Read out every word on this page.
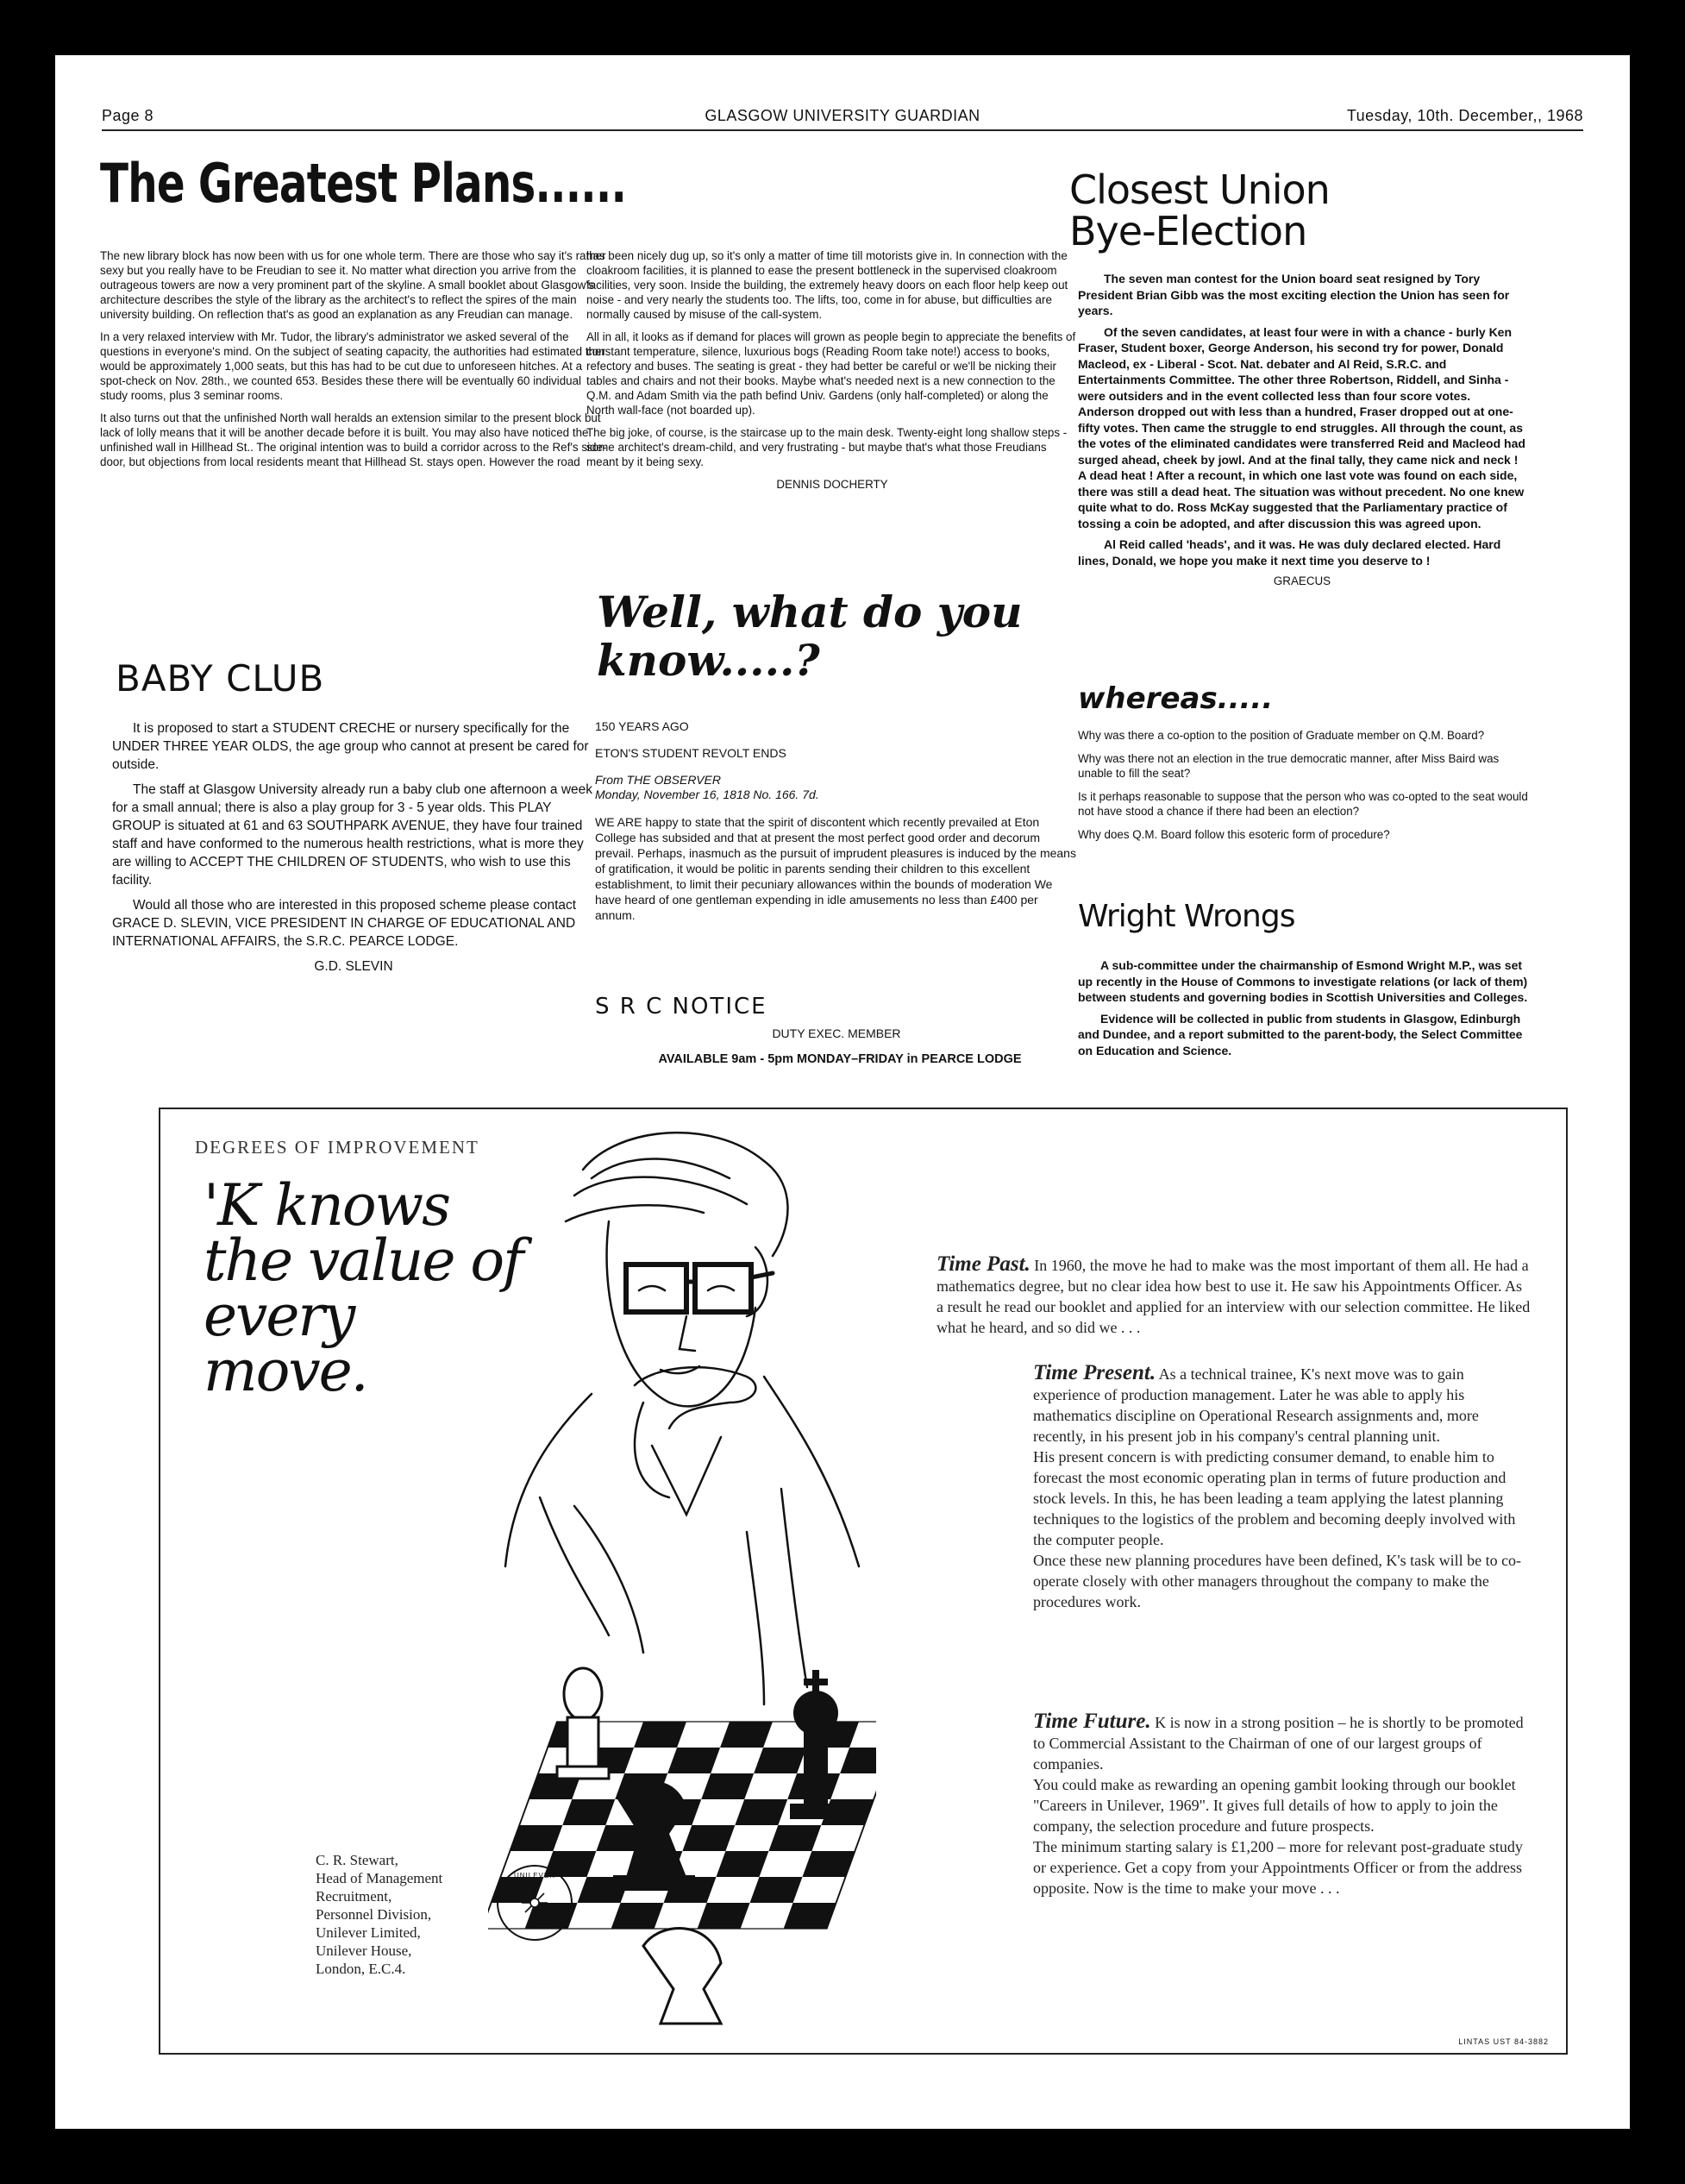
Page 8	GLASGOW UNIVERSITY GUARDIAN	Tuesday, 10th. December,, 1968
The Greatest Plans......

The new library block has now been with us for one whole term. There are those who say it's rather sexy but you really have to be Freudian to see it. No matter what direction you arrive from the outrageous towers are now a very prominent part of the skyline. A small booklet about Glasgow's architecture describes the style of the library as the architect's to reflect the spires of the main university building. On reflection that's as good an explanation as any Freudian can manage.

In a very relaxed interview with Mr. Tudor, the library's administrator we asked several of the questions in everyone's mind. On the subject of seating capacity, the authorities had estimated ther would be approximately 1,000 seats, but this has had to be cut due to unforeseen hitches. At a spot-check on Nov. 28th., we counted 653. Besides these there will be eventually 60 individual study rooms, plus 3 seminar rooms.

It also turns out that the unfinished North wall heralds an extension similar to the present block but lack of lolly means that it will be another decade before it is built. You may also have noticed the unfinished wall in Hillhead St.. The original intention was to build a corridor across to the Ref's side-door, but objections from local residents meant that Hillhead St. stays open. However the road

has been nicely dug up, so it's only a matter of time till motorists give in. In connection with the cloakroom facilities, it is planned to ease the present bottleneck in the supervised cloakroom facilities, very soon. Inside the building, the extremely heavy doors on each floor help keep out noise - and very nearly the students too. The lifts, too, come in for abuse, but difficulties are normally caused by misuse of the call-system.

All in all, it looks as if demand for places will grown as people begin to appreciate the benefits of constant temperature, silence, luxurious bogs (Reading Room take note!) access to books, refectory and buses. The seating is great - they had better be careful or we'll be nicking their tables and chairs and not their books. Maybe what's needed next is a new connection to the Q.M. and Adam Smith via the path befind Univ. Gardens (only half-completed) or along the North wall-face (not boarded up).

The big joke, of course, is the staircase up to the main desk. Twenty-eight long shallow steps - some architect's dream-child, and very frustrating - but maybe that's what those Freudians meant by it being sexy.

DENNIS DOCHERTY

Closest Union Bye-Election

The seven man contest for the Union board seat resigned by Tory President Brian Gibb was the most exciting election the Union has seen for years.

Of the seven candidates, at least four were in with a chance - burly Ken Fraser, Student boxer, George Anderson, his second try for power, Donald Macleod, ex - Liberal - Scot. Nat. debater and Al Reid, S.R.C. and Entertainments Committee. The other three Robertson, Riddell, and Sinha - were outsiders and in the event collected less than four score votes. Anderson dropped out with less than a hundred, Fraser dropped out at one-fifty votes. Then came the struggle to end struggles. All through the count, as the votes of the eliminated candidates were transferred Reid and Macleod had surged ahead, cheek by jowl. And at the final tally, they came nick and neck ! A dead heat ! After a recount, in which one last vote was found on each side, there was still a dead heat. The situation was without precedent. No one knew quite what to do. Ross McKay suggested that the Parliamentary practice of tossing a coin be adopted, and after discussion this was agreed upon.

Al Reid called 'heads', and it was. He was duly declared elected. Hard lines, Donald, we hope you make it next time you deserve to !

GRAECUS

whereas.....

Why was there a co-option to the position of Graduate member on Q.M. Board?

Why was there not an election in the true democratic manner, after Miss Baird was unable to fill the seat?

Is it perhaps reasonable to suppose that the person who was co-opted to the seat would not have stood a chance if there had been an election?

Why does Q.M. Board follow this esoteric form of procedure?

Wright Wrongs

A sub-committee under the chairmanship of Esmond Wright M.P., was set up recently in the House of Commons to investigate relations (or lack of them) between students and governing bodies in Scottish Universities and Colleges.

Evidence will be collected in public from students in Glasgow, Edinburgh and Dundee, and a report submitted to the parent-body, the Select Committee on Education and Science.

BABY CLUB

It is proposed to start a STUDENT CRECHE or nursery specifically for the UNDER THREE YEAR OLDS, the age group who cannot at present be cared for outside.

The staff at Glasgow University already run a baby club one afternoon a week for a small annual; there is also a play group for 3 - 5 year olds. This PLAY GROUP is situated at 61 and 63 SOUTHPARK AVENUE, they have four trained staff and have conformed to the numerous health restrictions, what is more they are willing to ACCEPT THE CHILDREN OF STUDENTS, who wish to use this facility.

Would all those who are interested in this proposed scheme please contact GRACE D. SLEVIN, VICE PRESIDENT IN CHARGE OF EDUCATIONAL AND INTERNATIONAL AFFAIRS, the S.R.C. PEARCE LODGE.

G.D. SLEVIN

Well, what do you know.....?

150 YEARS AGO

ETON'S STUDENT REVOLT ENDS

From THE OBSERVER

Monday, November 16, 1818 No. 166. 7d.

WE ARE happy to state that the spirit of discontent which recently prevailed at Eton College has subsided and that at present the most perfect good order and decorum prevail. Perhaps, inasmuch as the pursuit of imprudent pleasures is induced by the means of gratification, it would be politic in parents sending their children to this excellent establishment, to limit their pecuniary allowances within the bounds of moderation We have heard of one gentleman expending in idle amusements no less than £400 per annum.

S R C NOTICE
DUTY EXEC. MEMBER
AVAILABLE 9am - 5pm MONDAY–FRIDAY in PEARCE LODGE
DEGREES OF IMPROVEMENT
'K knows
the value of
every
move.

Time Past. In 1960, the move he had to make was the most important of them all. He had a mathematics degree, but no clear idea how best to use it. He saw his Appointments Officer. As a result he read our booklet and applied for an interview with our selection committee. He liked what he heard, and so did we . . .

Time Present. As a technical trainee, K's next move was to gain experience of production management. Later he was able to apply his mathematics discipline on Operational Research assignments and, more recently, in his present job in his company's central planning unit.

His present concern is with predicting consumer demand, to enable him to forecast the most economic operating plan in terms of future production and stock levels. In this, he has been leading a team applying the latest planning techniques to the logistics of the problem and becoming deeply involved with the computer people.

Once these new planning procedures have been defined, K's task will be to co-operate closely with other managers throughout the company to make the procedures work.

Time Future. K is now in a strong position – he is shortly to be promoted to Commercial Assistant to the Chairman of one of our largest groups of companies.

You could make as rewarding an opening gambit looking through our booklet "Careers in Unilever, 1969". It gives full details of how to apply to join the company, the selection procedure and future prospects.

The minimum starting salary is £1,200 – more for relevant post-graduate study or experience. Get a copy from your Appointments Officer or from the address opposite. Now is the time to make your move . . .

C. R. Stewart,
Head of Management
Recruitment,
Personnel Division,
Unilever Limited,
Unilever House,
London, E.C.4.
UNILEVER
LINTAS UST 84-3882
